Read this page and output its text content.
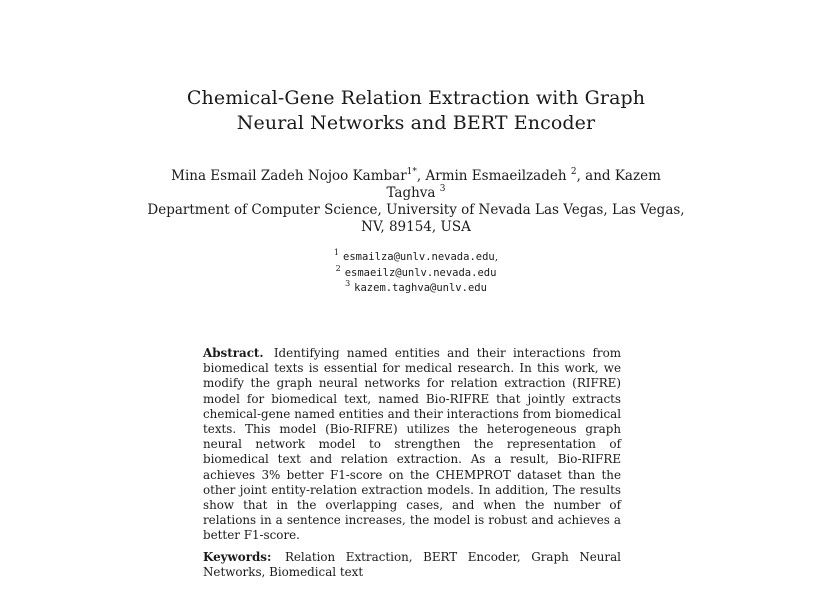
Chemical-Gene Relation Extraction with Graph
Neural Networks and BERT Encoder
Mina Esmail Zadeh Nojoo Kambar$^{1*}$, Armin Esmaeilzadeh $^2$, and Kazem
Taghva $^3$
Department of Computer Science, University of Nevada Las Vegas, Las Vegas,
NV, 89154, USA
$^1$ esmailza@unlv.nevada.edu,
$^2$ esmaeilz@unlv.nevada.edu
$^3$ kazem.taghva@unlv.edu
Abstract. Identifying named entities and their interactions from biomedical texts is essential for medical research. In this work, we modify the graph neural networks for relation extraction (RIFRE) model for biomedical text, named Bio-RIFRE that jointly extracts chemical-gene named entities and their interactions from biomedical texts. This model (Bio-RIFRE) utilizes the heterogeneous graph neural network model to strengthen the representation of biomedical text and relation extraction. As a result, Bio-RIFRE achieves 3% better F1-score on the CHEMPROT dataset than the other joint entity-relation extraction models. In addition, The results show that in the overlapping cases, and when the number of relations in a sentence increases, the model is robust and achieves a better F1-score.
Keywords: Relation Extraction, BERT Encoder, Graph Neural Networks, Biomedical text
